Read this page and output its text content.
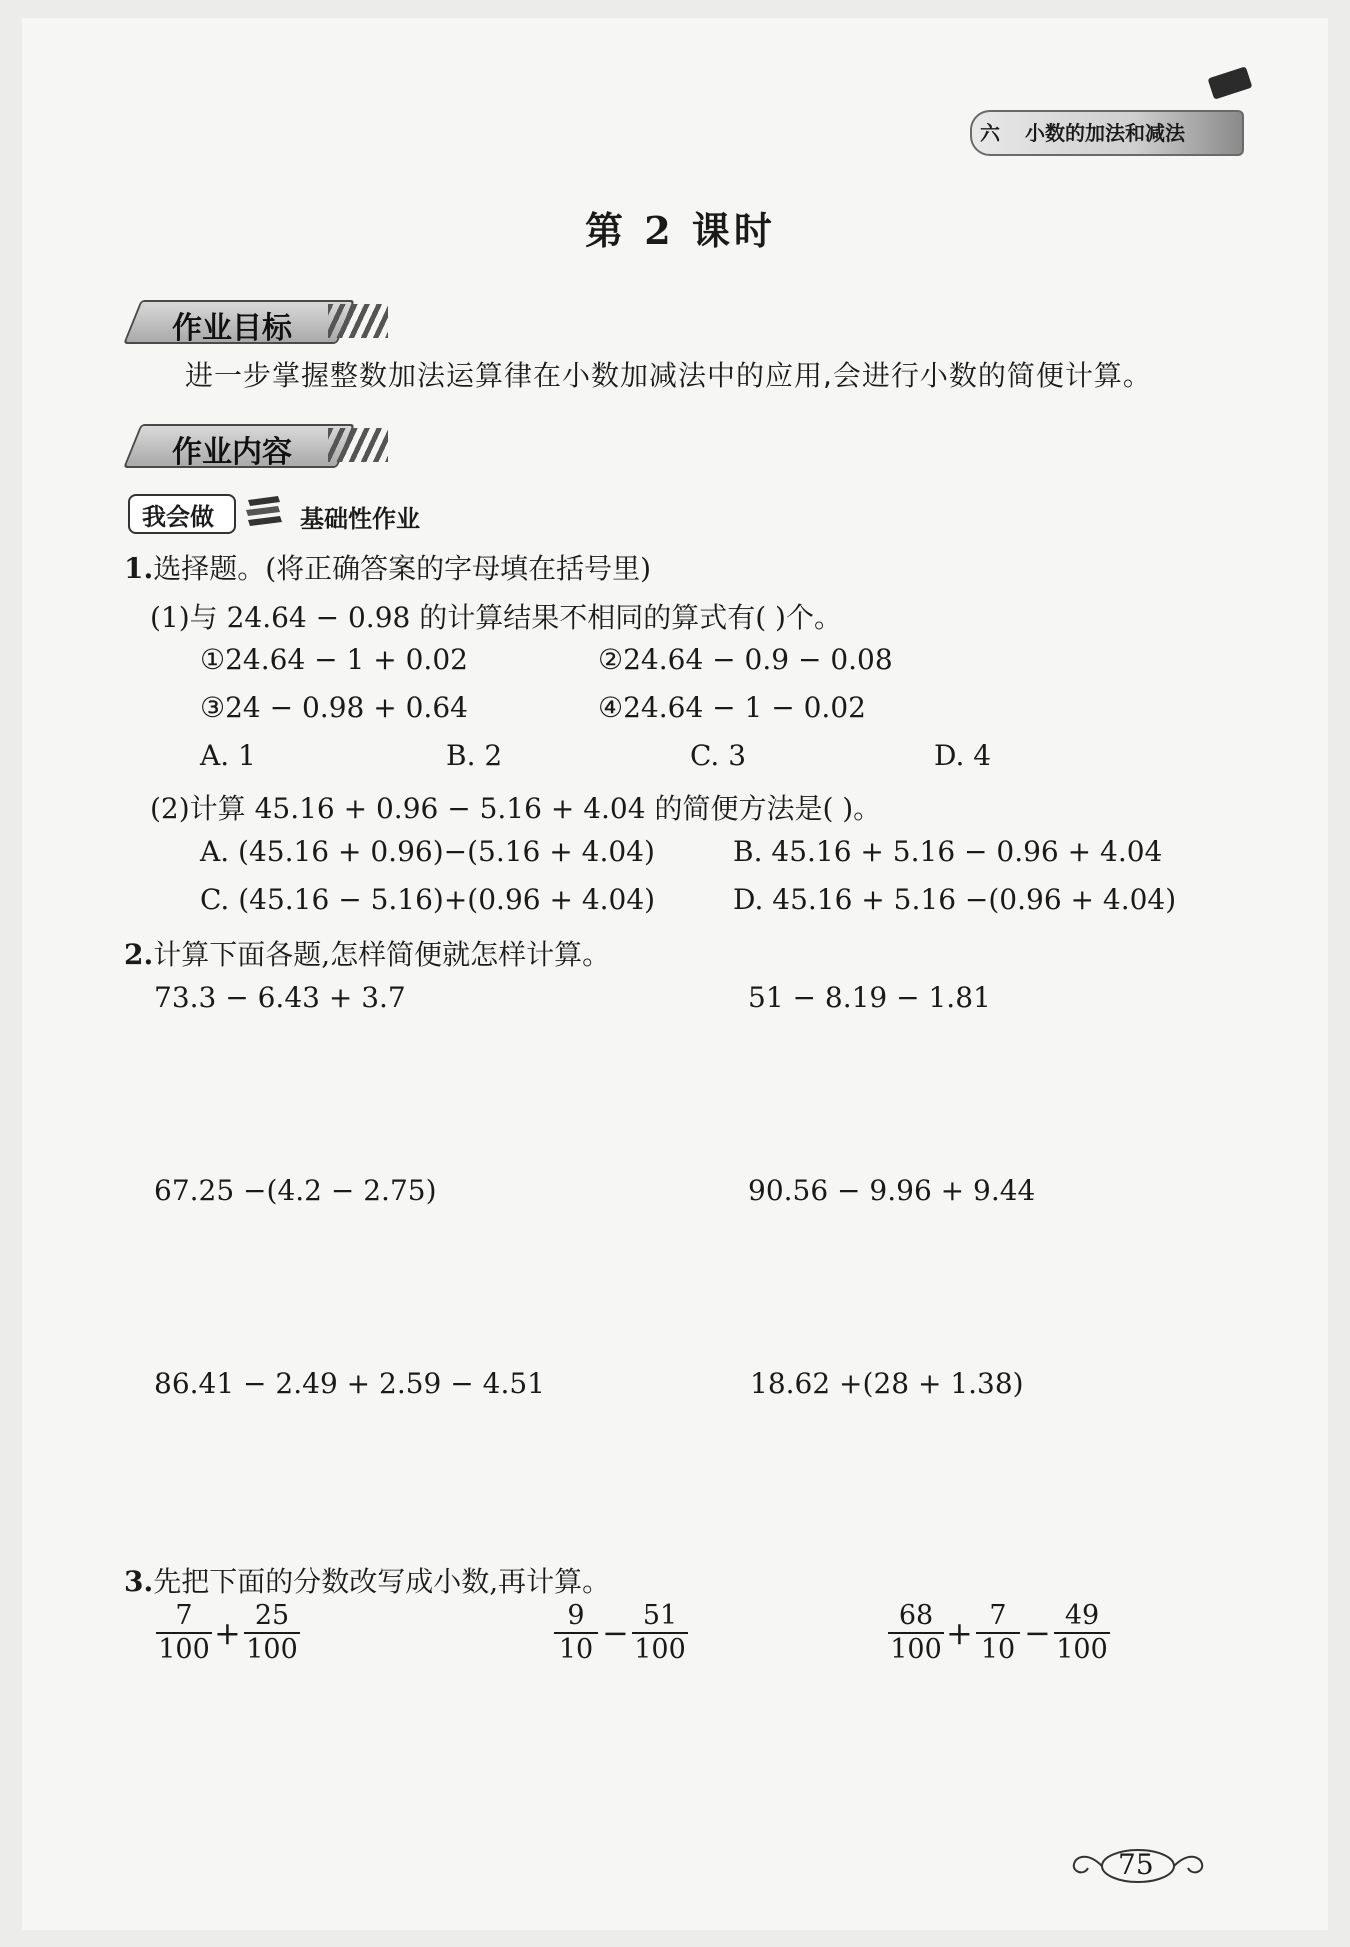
六 小数的加法和减法
第 2 课时
作业目标
进一步掌握整数加法运算律在小数加减法中的应用,会进行小数的简便计算。
作业内容
我会做	基础性作业
1.选择题。(将正确答案的字母填在括号里)
(1)与 24.64 − 0.98 的计算结果不相同的算式有( )个。
①24.64 − 1 + 0.02	②24.64 − 0.9 − 0.08
③24 − 0.98 + 0.64	④24.64 − 1 − 0.02
A. 1	B. 2	C. 3	D. 4
(2)计算 45.16 + 0.96 − 5.16 + 4.04 的简便方法是( )。
A. (45.16 + 0.96)−(5.16 + 4.04)	B. 45.16 + 5.16 − 0.96 + 4.04
C. (45.16 − 5.16)+(0.96 + 4.04)	D. 45.16 + 5.16 −(0.96 + 4.04)
2.计算下面各题,怎样简便就怎样计算。
73.3 − 6.43 + 3.7	51 − 8.19 − 1.81
67.25 −(4.2 − 2.75)	90.56 − 9.96 + 9.44
86.41 − 2.49 + 2.59 − 4.51	18.62 +(28 + 1.38)
3.先把下面的分数改写成小数,再计算。
7
100 + 25
100
9
10 − 51
100
68
100 + 7
10 − 49
100
75
